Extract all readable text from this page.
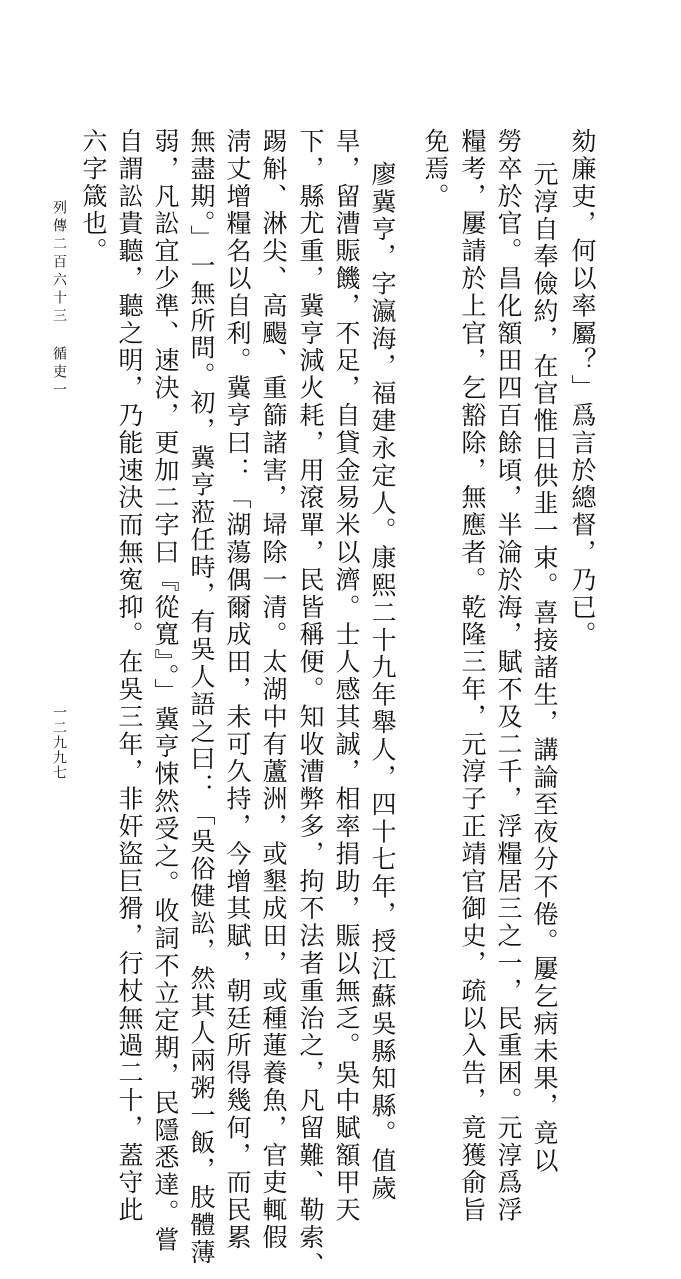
劾廉吏，何以率屬？」爲言於總督，乃已。
元淳自奉儉約，在官惟日供韭一束。喜接諸生，講論至夜分不倦。屢乞病未果，竟以
勞卒於官。昌化額田四百餘頃，半淪於海，賦不及二千，浮糧居三之一，民重困。元淳爲浮
糧考，屢請於上官，乞豁除，無應者。乾隆三年，元淳子正靖官御史，疏以入告，竟獲俞旨
免焉。
廖冀亨，字瀛海，福建永定人。康熙二十九年舉人，四十七年，授江蘇吳縣知縣。值歲
旱，留漕賑饑，不足，自貸金易米以濟。士人感其誠，相率捐助，賑以無乏。吳中賦額甲天
下，縣尤重，冀亨減火耗，用滾單，民皆稱便。知收漕弊多，拘不法者重治之，凡留難、勒索、
踢斛、淋尖、高颺、重篩諸害，埽除一清。太湖中有蘆洲，或墾成田，或種蓮養魚，官吏輒假
淸丈增糧名以自利。冀亨曰：「湖蕩偶爾成田，未可久持，今增其賦，朝廷所得幾何，而民累
無盡期。」一無所問。初，冀亨蒞任時，有吳人語之曰：「吳俗健訟，然其人兩粥一飯，肢體薄
弱，凡訟宜少準、速決，更加二字曰『從寬』。」冀亨悚然受之。收詞不立定期，民隱悉達。嘗
自謂訟貴聽，聽之明，乃能速決而無寃抑。在吳三年，非奸盜巨猾，行杖無過二十，蓋守此
六字箴也。
列傳二百六十三 循吏一
一二九九七
